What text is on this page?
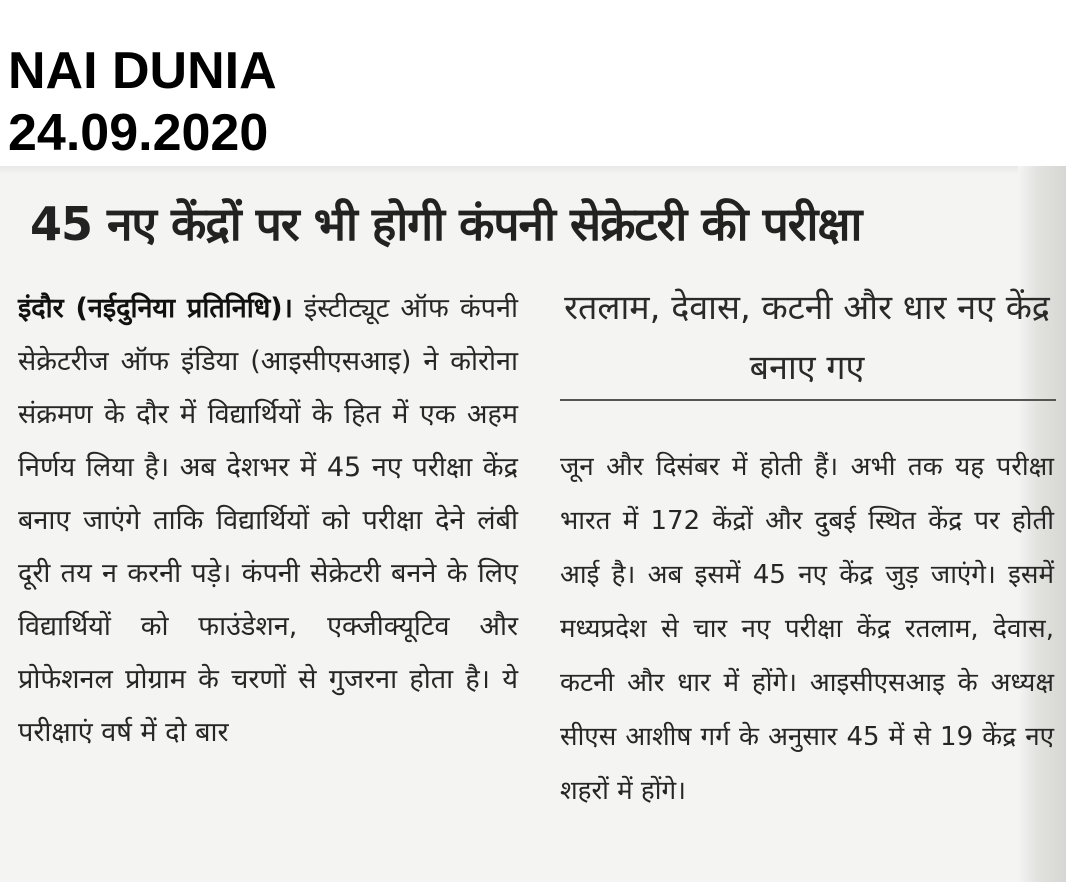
NAI DUNIA
24.09.2020
45 नए केंद्रों पर भी होगी कंपनी सेक्रेटरी की परीक्षा

इंदौर (नईदुनिया प्रतिनिधि)। इंस्टीट्यूट ऑफ कंपनी सेक्रेटरीज ऑफ इंडिया (आइसीएसआइ) ने कोरोना संक्रमण के दौर में विद्यार्थियों के हित में एक अहम निर्णय लिया है। अब देशभर में 45 नए परीक्षा केंद्र बनाए जाएंगे ताकि विद्यार्थियों को परीक्षा देने लंबी दूरी तय न करनी पड़े। कंपनी सेक्रेटरी बनने के लिए विद्यार्थियों को फाउंडेशन, एक्जीक्यूटिव और प्रोफेशनल प्रोग्राम के चरणों से गुजरना होता है। ये परीक्षाएं वर्ष में दो बार

रतलाम, देवास, कटनी और धार नए केंद्र बनाए गए

जून और दिसंबर में होती हैं। अभी तक यह परीक्षा भारत में 172 केंद्रों और दुबई स्थित केंद्र पर होती आई है। अब इसमें 45 नए केंद्र जुड़ जाएंगे। इसमें मध्यप्रदेश से चार नए परीक्षा केंद्र रतलाम, देवास, कटनी और धार में होंगे। आइसीएसआइ के अध्यक्ष सीएस आशीष गर्ग के अनुसार 45 में से 19 केंद्र नए शहरों में होंगे।
